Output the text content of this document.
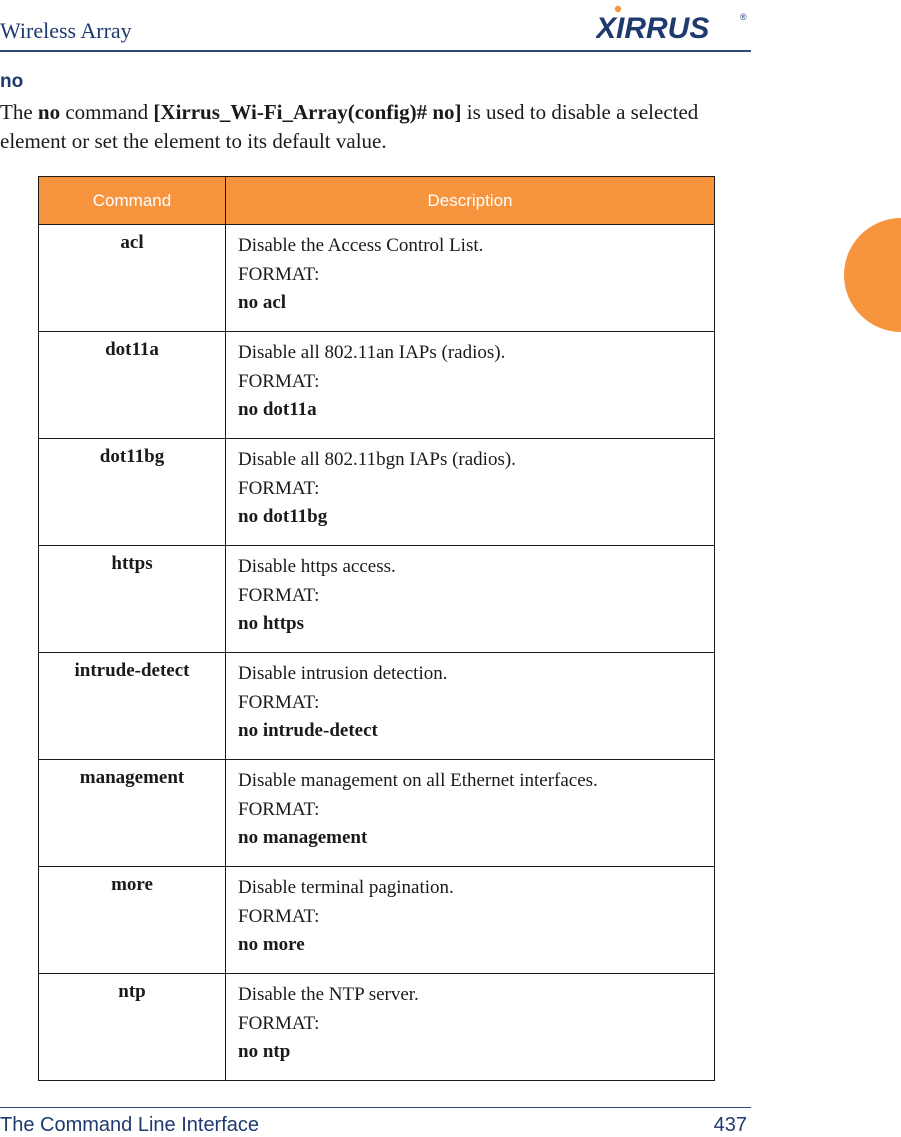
Wireless Array	XIRRUS	®
no

The no command [Xirrus_Wi-Fi_Array(config)# no] is used to disable a selected element or set the element to its default value.

Command	Description
acl	Disable the Access Control List.
FORMAT:
no acl

dot11a	Disable all 802.11an IAPs (radios).
FORMAT:
no dot11a

dot11bg	Disable all 802.11bgn IAPs (radios).
FORMAT:
no dot11bg

https	Disable https access.
FORMAT:
no https

intrude-detect	Disable intrusion detection.
FORMAT:
no intrude-detect

management	Disable management on all Ethernet interfaces.
FORMAT:
no management

more	Disable terminal pagination.
FORMAT:
no more

ntp	Disable the NTP server.
FORMAT:
no ntp
The Command Line Interface	437
